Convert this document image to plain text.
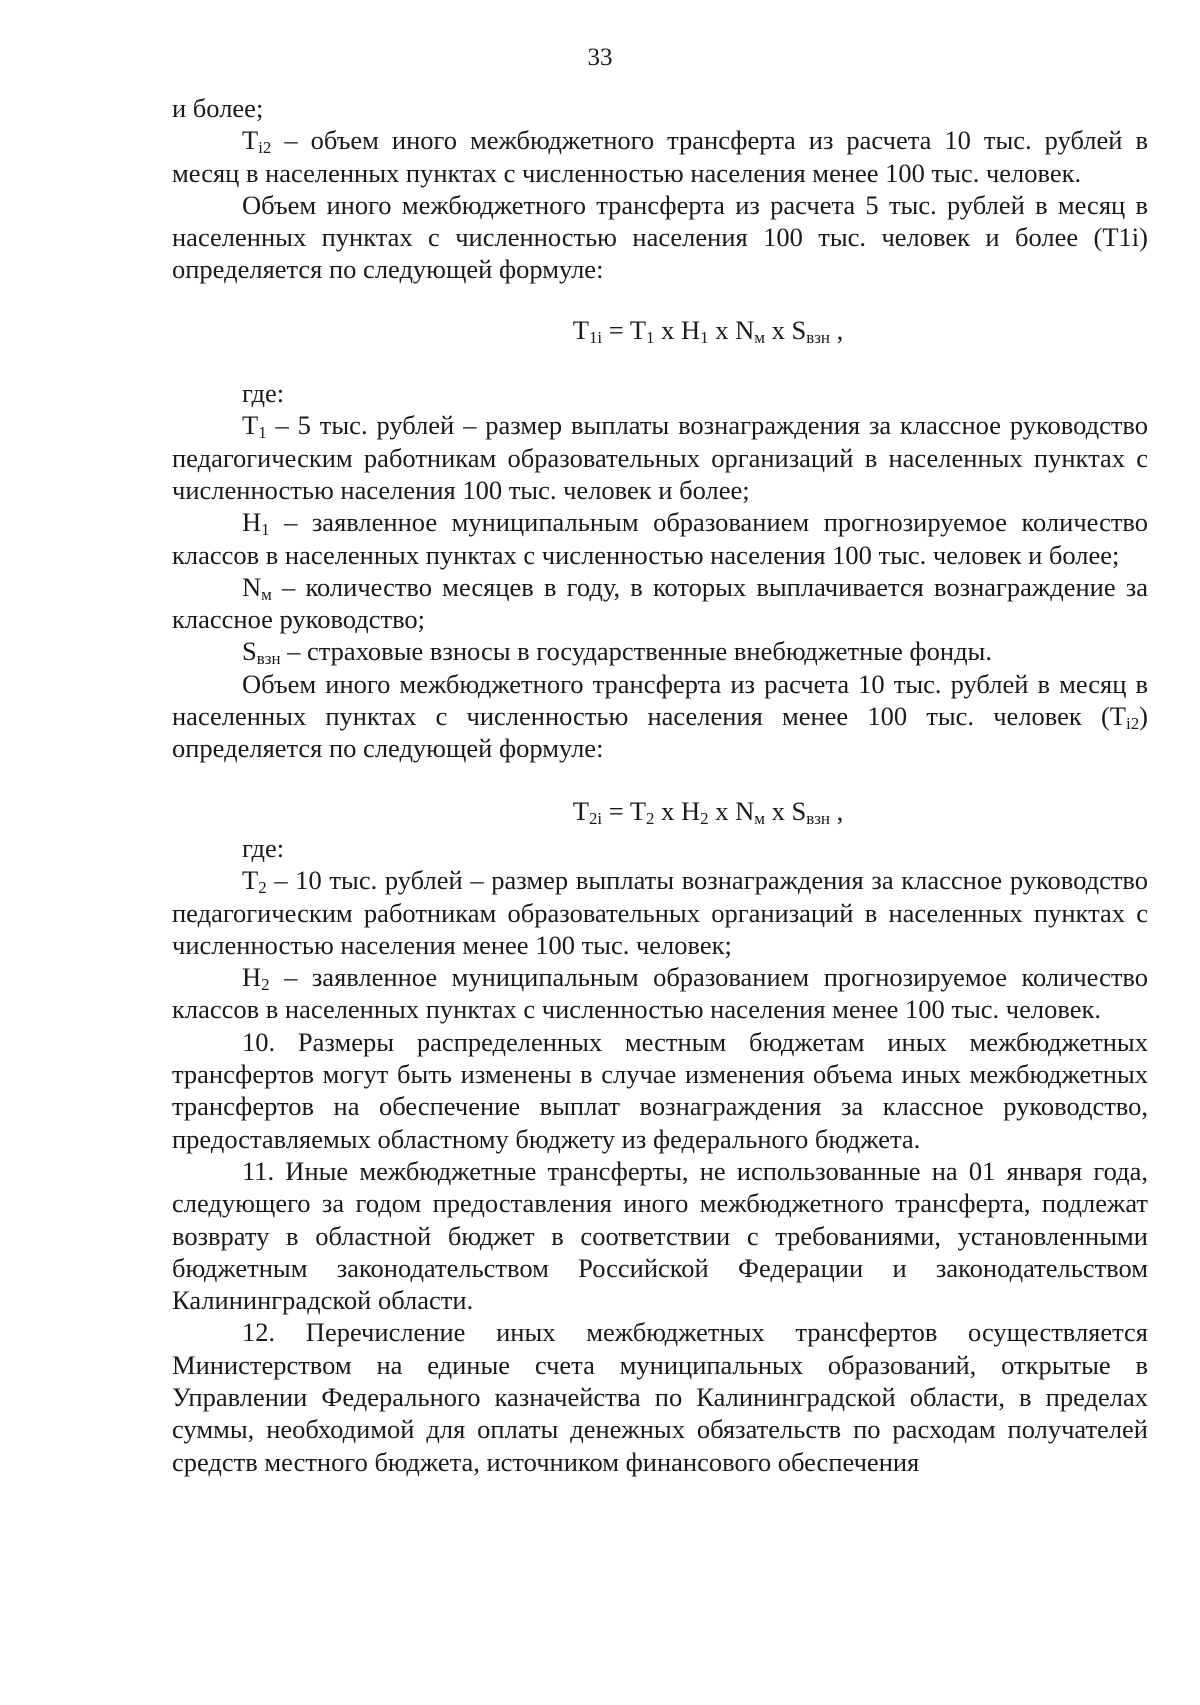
33

и более;

$T_{i2}$ – объем иного межбюджетного трансферта из расчета 10 тыс. рублей в месяц в населенных пунктах с численностью населения менее 100 тыс. человек.

Объем иного межбюджетного трансферта из расчета 5 тыс. рублей в месяц в населенных пунктах с численностью населения 100 тыс. человек и более (T1i) определяется по следующей формуле:

$T_{1i} = T_1$ x $H_1$ x $N_м$ x $S_{взн}$ ,

где:

$T_1 - 5$ тыс. рублей – размер выплаты вознаграждения за классное руководство педагогическим работникам образовательных организаций в населенных пунктах с численностью населения 100 тыс. человек и более;

$H_1$ – заявленное муниципальным образованием прогнозируемое количество классов в населенных пунктах с численностью населения 100 тыс. человек и более;

$N_м$ – количество месяцев в году, в которых выплачивается вознаграждение за классное руководство;

$S_{взн}$ – страховые взносы в государственные внебюджетные фонды.

Объем иного межбюджетного трансферта из расчета 10 тыс. рублей в месяц в населенных пунктах с численностью населения менее 100 тыс. человек $(T_{i2})$ определяется по следующей формуле:

$T_{2i} = T_2$ x $H_2$ x $N_м$ x $S_{взн}$ ,

где:

$T_2 - 10$ тыс. рублей – размер выплаты вознаграждения за классное руководство педагогическим работникам образовательных организаций в населенных пунктах с численностью населения менее 100 тыс. человек;

$H_2$ – заявленное муниципальным образованием прогнозируемое количество классов в населенных пунктах с численностью населения менее 100 тыс. человек.

10. Размеры распределенных местным бюджетам иных межбюджетных трансфертов могут быть изменены в случае изменения объема иных межбюджетных трансфертов на обеспечение выплат вознаграждения за классное руководство, предоставляемых областному бюджету из федерального бюджета.

11. Иные межбюджетные трансферты, не использованные на 01 января года, следующего за годом предоставления иного межбюджетного трансферта, подлежат возврату в областной бюджет в соответствии с требованиями, установленными бюджетным законодательством Российской Федерации и законодательством Калининградской области.

12. Перечисление иных межбюджетных трансфертов осуществляется Министерством на единые счета муниципальных образований, открытые в Управлении Федерального казначейства по Калининградской области, в пределах суммы, необходимой для оплаты денежных обязательств по расходам получателей средств местного бюджета, источником финансового обеспечения
